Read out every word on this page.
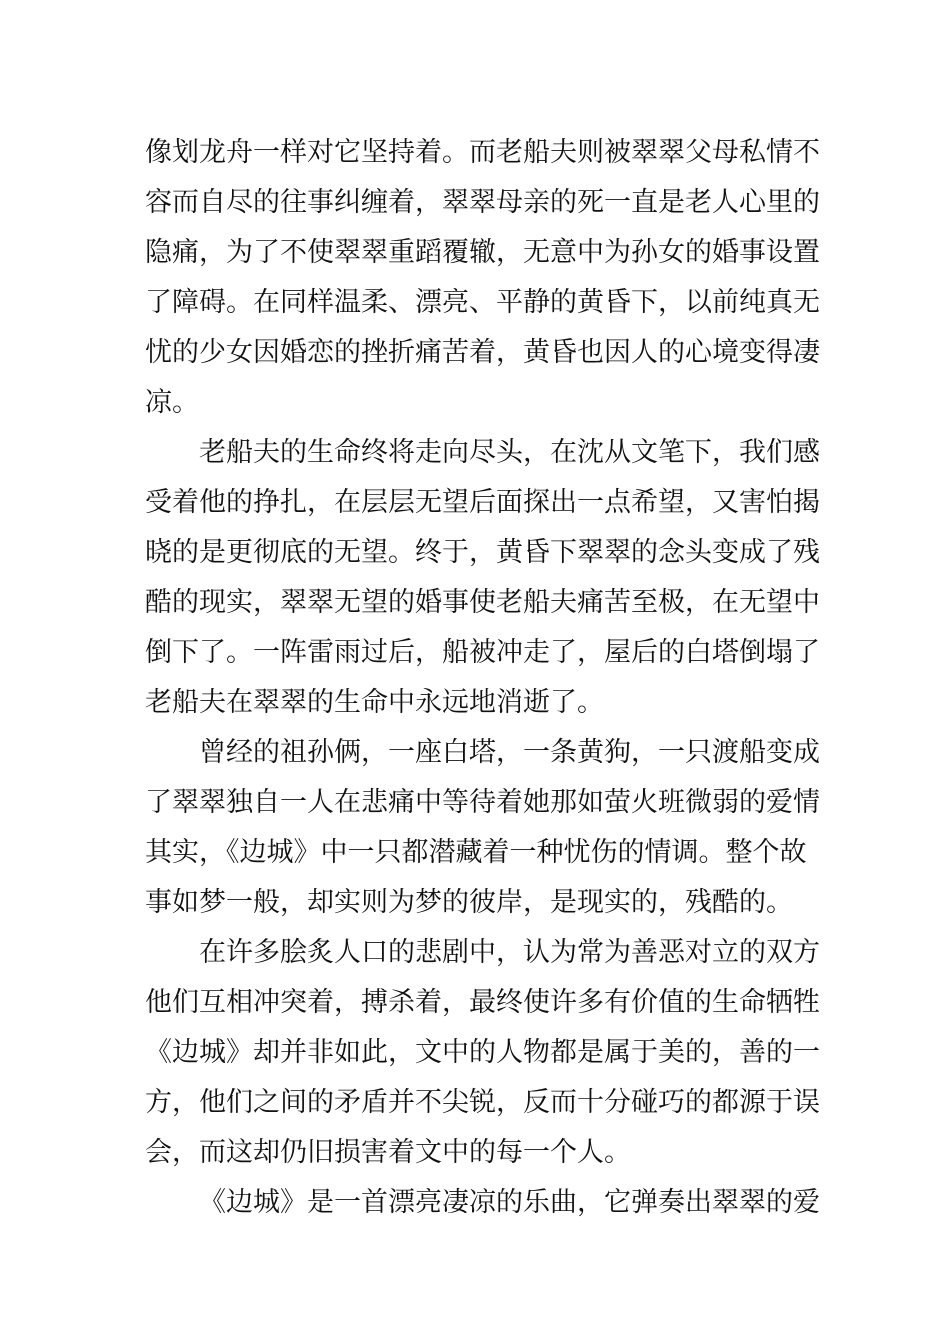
像划龙舟一样对它坚持着。而老船夫则被翠翠父母私情不
容而自尽的往事纠缠着，翠翠母亲的死一直是老人心里的
隐痛，为了不使翠翠重蹈覆辙，无意中为孙女的婚事设置
了障碍。在同样温柔、漂亮、平静的黄昏下，以前纯真无
忧的少女因婚恋的挫折痛苦着，黄昏也因人的心境变得凄
凉。
老船夫的生命终将走向尽头，在沈从文笔下，我们感
受着他的挣扎，在层层无望后面探出一点希望，又害怕揭
晓的是更彻底的无望。终于，黄昏下翠翠的念头变成了残
酷的现实，翠翠无望的婚事使老船夫痛苦至极，在无望中
倒下了。一阵雷雨过后，船被冲走了，屋后的白塔倒塌了
老船夫在翠翠的生命中永远地消逝了。
曾经的祖孙俩，一座白塔，一条黄狗，一只渡船变成
了翠翠独自一人在悲痛中等待着她那如萤火班微弱的爱情
其实，《边城》中一只都潜藏着一种忧伤的情调。整个故
事如梦一般，却实则为梦的彼岸，是现实的，残酷的。
在许多脍炙人口的悲剧中，认为常为善恶对立的双方
他们互相冲突着，搏杀着，最终使许多有价值的生命牺牲
《边城》却并非如此，文中的人物都是属于美的，善的一
方，他们之间的矛盾并不尖锐，反而十分碰巧的都源于误
会，而这却仍旧损害着文中的每一个人。
《边城》是一首漂亮凄凉的乐曲，它弹奏出翠翠的爱
